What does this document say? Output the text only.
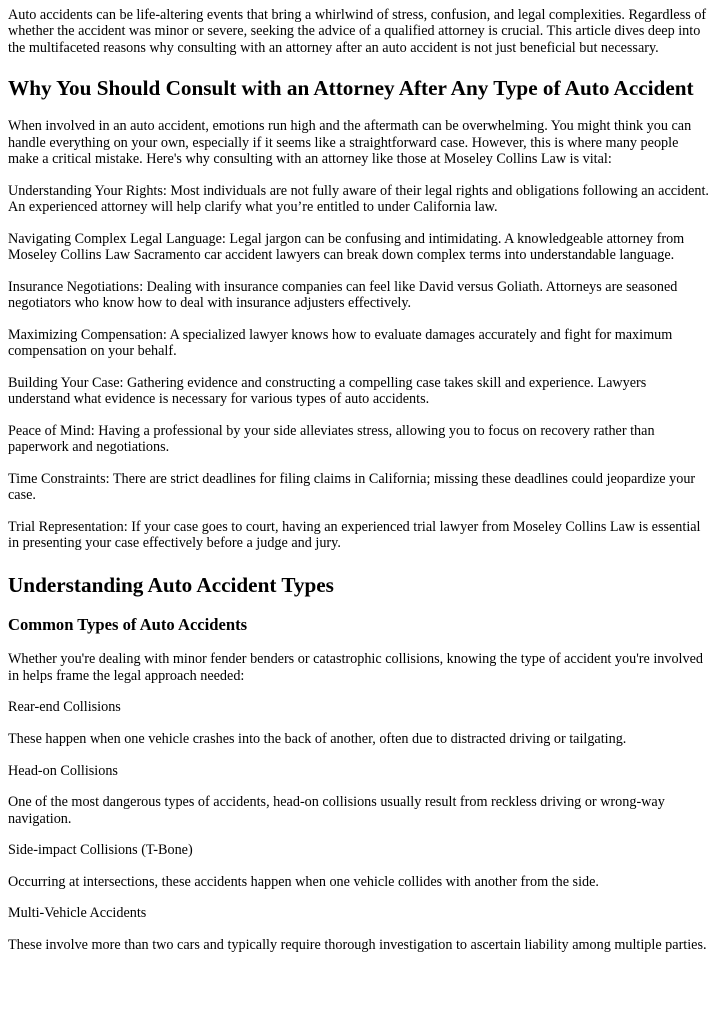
Auto accidents can be life-altering events that bring a whirlwind of stress, confusion, and legal complexities. Regardless of whether the accident was minor or severe, seeking the advice of a qualified attorney is crucial. This article dives deep into the multifaceted reasons why consulting with an attorney after an auto accident is not just beneficial but necessary.

Why You Should Consult with an Attorney After Any Type of Auto Accident

When involved in an auto accident, emotions run high and the aftermath can be overwhelming. You might think you can handle everything on your own, especially if it seems like a straightforward case. However, this is where many people make a critical mistake. Here's why consulting with an attorney like those at Moseley Collins Law is vital:

Understanding Your Rights: Most individuals are not fully aware of their legal rights and obligations following an accident. An experienced attorney will help clarify what you’re entitled to under California law.

Navigating Complex Legal Language: Legal jargon can be confusing and intimidating. A knowledgeable attorney from Moseley Collins Law Sacramento car accident lawyers can break down complex terms into understandable language.

Insurance Negotiations: Dealing with insurance companies can feel like David versus Goliath. Attorneys are seasoned negotiators who know how to deal with insurance adjusters effectively.

Maximizing Compensation: A specialized lawyer knows how to evaluate damages accurately and fight for maximum compensation on your behalf.

Building Your Case: Gathering evidence and constructing a compelling case takes skill and experience. Lawyers understand what evidence is necessary for various types of auto accidents.

Peace of Mind: Having a professional by your side alleviates stress, allowing you to focus on recovery rather than paperwork and negotiations.

Time Constraints: There are strict deadlines for filing claims in California; missing these deadlines could jeopardize your case.

Trial Representation: If your case goes to court, having an experienced trial lawyer from Moseley Collins Law is essential in presenting your case effectively before a judge and jury.

Understanding Auto Accident Types
Common Types of Auto Accidents

Whether you're dealing with minor fender benders or catastrophic collisions, knowing the type of accident you're involved in helps frame the legal approach needed:

Rear-end Collisions

These happen when one vehicle crashes into the back of another, often due to distracted driving or tailgating.

Head-on Collisions

One of the most dangerous types of accidents, head-on collisions usually result from reckless driving or wrong-way navigation.

Side-impact Collisions (T-Bone)

Occurring at intersections, these accidents happen when one vehicle collides with another from the side.

Multi-Vehicle Accidents

These involve more than two cars and typically require thorough investigation to ascertain liability among multiple parties.
